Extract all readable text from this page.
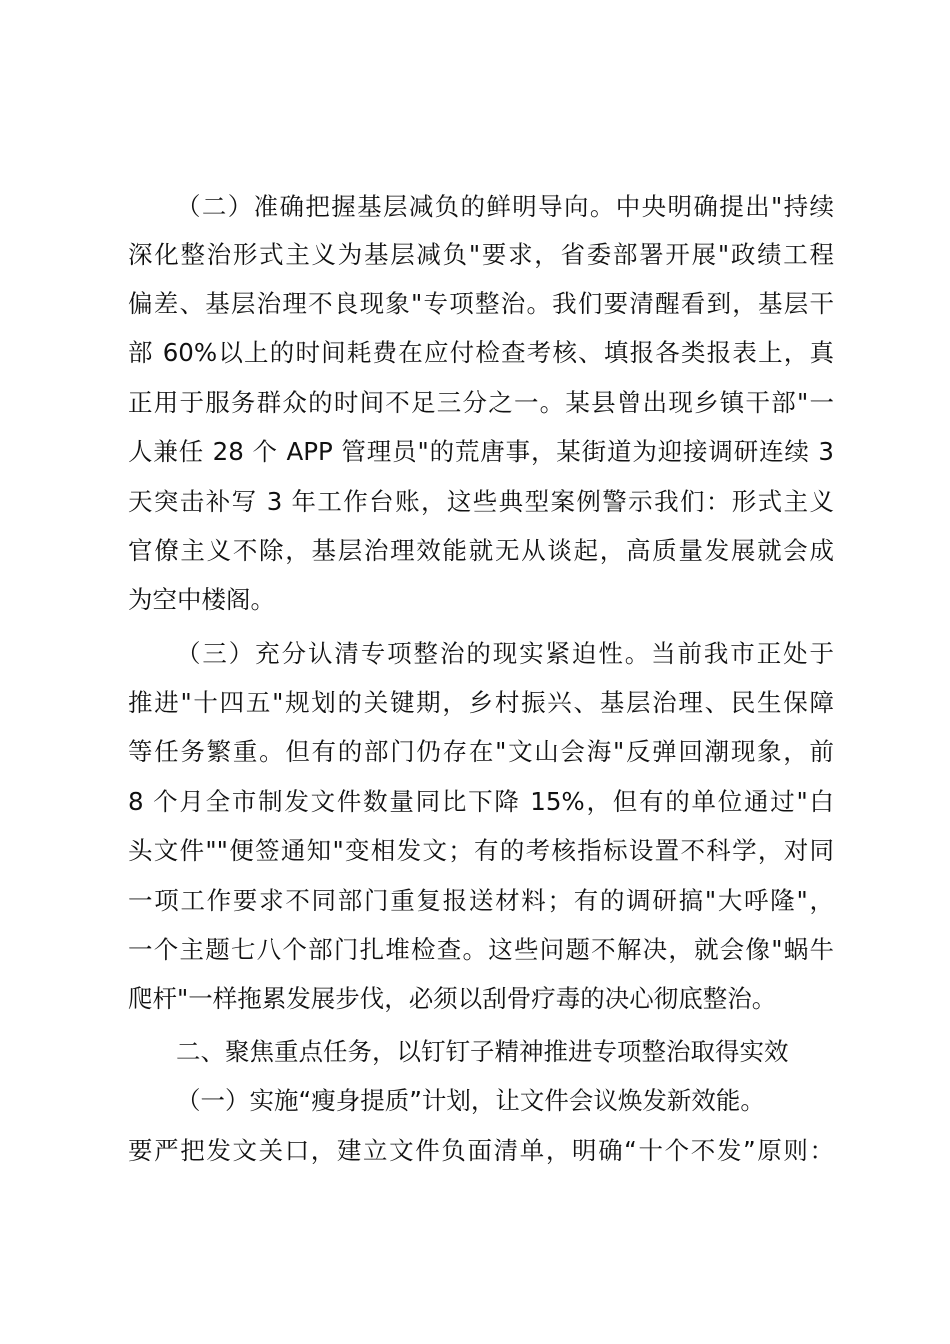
（二）准确把握基层减负的鲜明导向。中央明确提出"持续
深化整治形式主义为基层减负"要求，省委部署开展"政绩工程
偏差、基层治理不良现象"专项整治。我们要清醒看到，基层干
部 60%以上的时间耗费在应付检查考核、填报各类报表上，真
正用于服务群众的时间不足三分之一。某县曾出现乡镇干部"一
人兼任 28 个 APP 管理员"的荒唐事，某街道为迎接调研连续 3
天突击补写 3 年工作台账，这些典型案例警示我们：形式主义
官僚主义不除，基层治理效能就无从谈起，高质量发展就会成
为空中楼阁。
（三）充分认清专项整治的现实紧迫性。当前我市正处于
推进"十四五"规划的关键期，乡村振兴、基层治理、民生保障
等任务繁重。但有的部门仍存在"文山会海"反弹回潮现象，前
8 个月全市制发文件数量同比下降 15%，但有的单位通过"白
头文件""便签通知"变相发文；有的考核指标设置不科学，对同
一项工作要求不同部门重复报送材料；有的调研搞"大呼隆"，
一个主题七八个部门扎堆检查。这些问题不解决，就会像"蜗牛
爬杆"一样拖累发展步伐，必须以刮骨疗毒的决心彻底整治。
二、聚焦重点任务，以钉钉子精神推进专项整治取得实效
（一）实施“瘦身提质”计划，让文件会议焕发新效能。
要严把发文关口，建立文件负面清单，明确“十个不发”原则：
